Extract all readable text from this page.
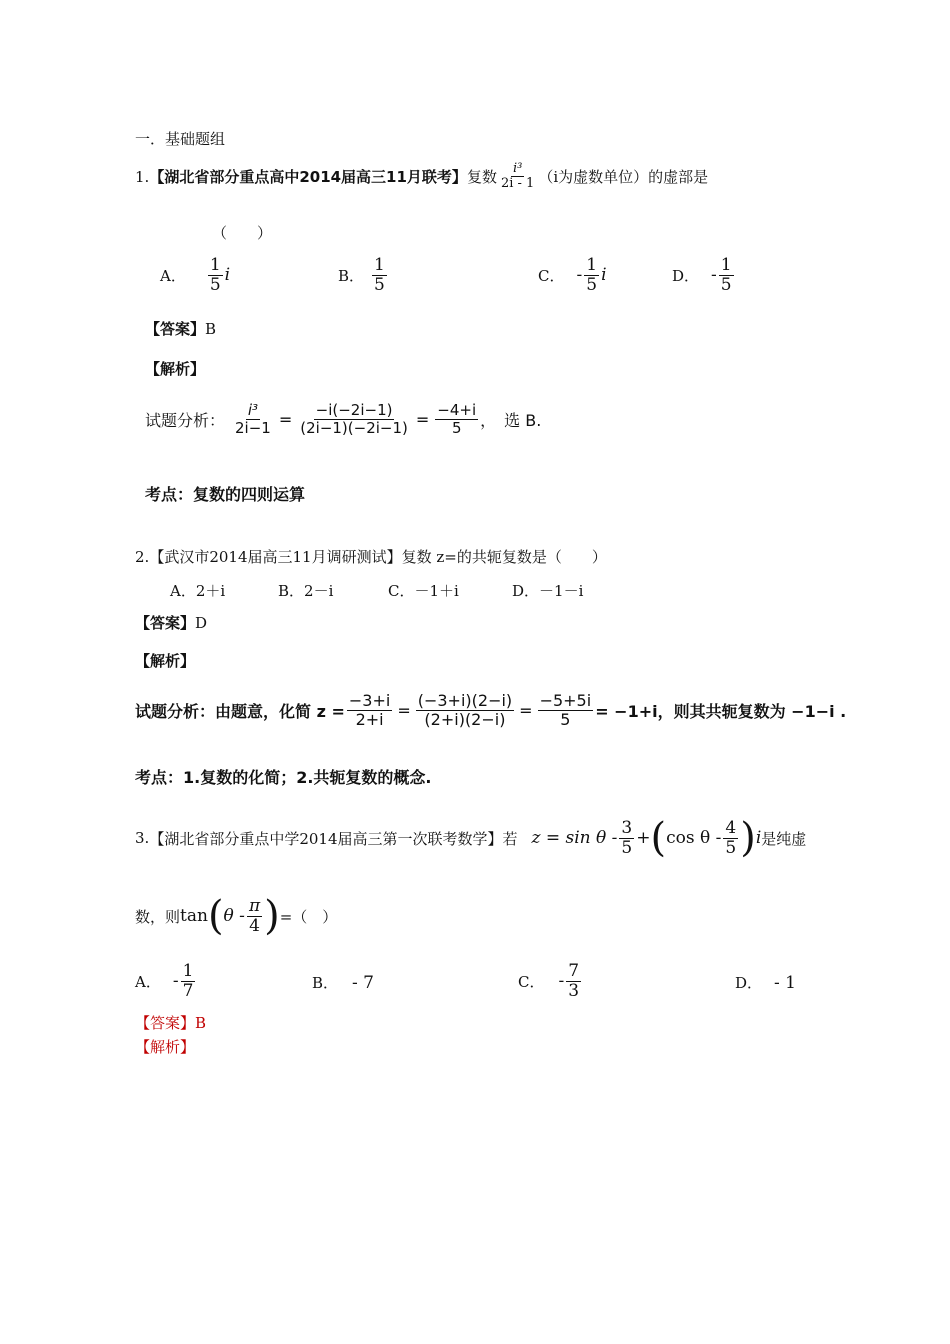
一．基础题组
1. 【湖北省部分重点高中2014届高三11月联考】 复数 $\frac{\text{i³}}{2i - 1} (i$为虚数单位）的虚部是
（　　）
A． $\frac{1}{5}$ i	B． $\frac{1}{5}$	C． - $\frac{1}{5}$ i	D． - $\frac{1}{5}$
【答案】B
【解析】
试题分析： $\frac{\text{i³}}{2i-1} = \frac{-i(-2i-1)}{(2i-1)(-2i-1)} = \frac{-4+i}{5}$ ，　选 B.
考点：复数的四则运算
2.【武汉市2014届高三11月调研测试】复数 z=的共轭复数是（　　）
A．2＋i	B．2－i	C．－1＋i	D．－1－i
【答案】D
【解析】
试题分析：由题意，化简 $z = \frac{-3+i}{2+i} = \frac{(-3+i)(2-i)}{(2+i)(2-i)} = \frac{-5+5i}{5} = -1+i$，则其共轭复数为 −1−i .
考点：1.复数的化简；2.共轭复数的概念.
3. 【湖北省部分重点中学2014届高三第一次联考数学】若 $z = \sin \theta - \frac{3}{5}$ + ( cos θ - $\frac{4}{5}$ ) i 是纯虚
数，则 tan ( θ - $\frac{\pi}{4}$ ) =（　）
A． - $\frac{1}{7}$	B． - 7	C． - $\frac{7}{3}$	D． - 1
【答案】B
【解析】
